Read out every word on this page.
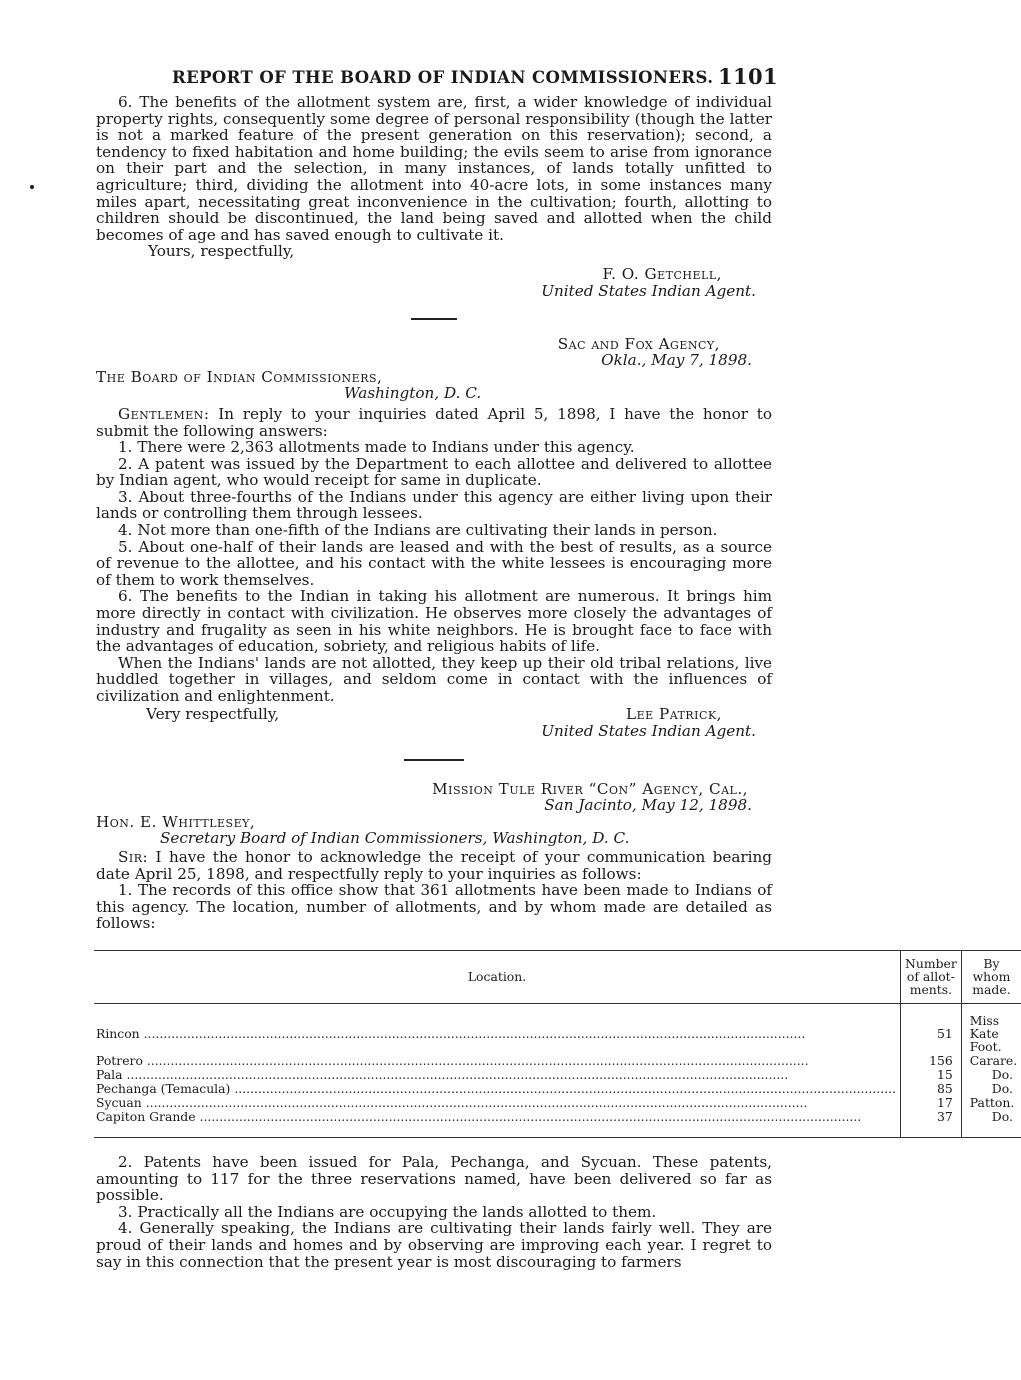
REPORT OF THE BOARD OF INDIAN COMMISSIONERS. 1101

6. The benefits of the allotment system are, first, a wider knowledge of individual property rights, consequently some degree of personal responsibility (though the latter is not a marked feature of the present generation on this reservation); second, a tendency to fixed habitation and home building; the evils seem to arise from ignorance on their part and the selection, in many instances, of lands totally unfitted to agriculture; third, dividing the allotment into 40-acre lots, in some instances many miles apart, necessitating great inconvenience in the cultivation; fourth, allotting to children should be discontinued, the land being saved and allotted when the child becomes of age and has saved enough to cultivate it.

Yours, respectfully,

F. O. Getchell,
United States Indian Agent.
Sac and Fox Agency,
Okla., May 7, 1898.
The Board of Indian Commissioners,
Washington, D. C.

Gentlemen: In reply to your inquiries dated April 5, 1898, I have the honor to submit the following answers:

1. There were 2,363 allotments made to Indians under this agency.

2. A patent was issued by the Department to each allottee and delivered to allottee by Indian agent, who would receipt for same in duplicate.

3. About three-fourths of the Indians under this agency are either living upon their lands or controlling them through lessees.

4. Not more than one-fifth of the Indians are cultivating their lands in person.

5. About one-half of their lands are leased and with the best of results, as a source of revenue to the allottee, and his contact with the white lessees is encouraging more of them to work themselves.

6. The benefits to the Indian in taking his allotment are numerous. It brings him more directly in contact with civilization. He observes more closely the advantages of industry and frugality as seen in his white neighbors. He is brought face to face with the advantages of education, sobriety, and religious habits of life.

When the Indians' lands are not allotted, they keep up their old tribal relations, live huddled together in villages, and seldom come in contact with the influences of civilization and enlightenment.

Very respectfully,	Lee Patrick,
United States Indian Agent.
Mission Tule River “Con” Agency, Cal.,
San Jacinto, May 12, 1898.
Hon. E. Whittlesey,
Secretary Board of Indian Commissioners, Washington, D. C.

Sir: I have the honor to acknowledge the receipt of your communication bearing date April 25, 1898, and respectfully reply to your inquiries as follows:

1. The records of this office show that 361 allotments have been made to Indians of this agency. The location, number of allotments, and by whom made are detailed as follows:

Location.	Number of allot-ments.	By whom made.
Rincon .....	51	Miss Kate Foot.
Potrero .....	156	Carare.
Pala .....	15	Do.
Pechanga (Temacula) .....	85	Do.
Sycuan .....	17	Patton.
Capiton Grande .....	37	Do.

2. Patents have been issued for Pala, Pechanga, and Sycuan. These patents, amounting to 117 for the three reservations named, have been delivered so far as possible.

3. Practically all the Indians are occupying the lands allotted to them.

4. Generally speaking, the Indians are cultivating their lands fairly well. They are proud of their lands and homes and by observing are improving each year. I regret to say in this connection that the present year is most discouraging to farmers
